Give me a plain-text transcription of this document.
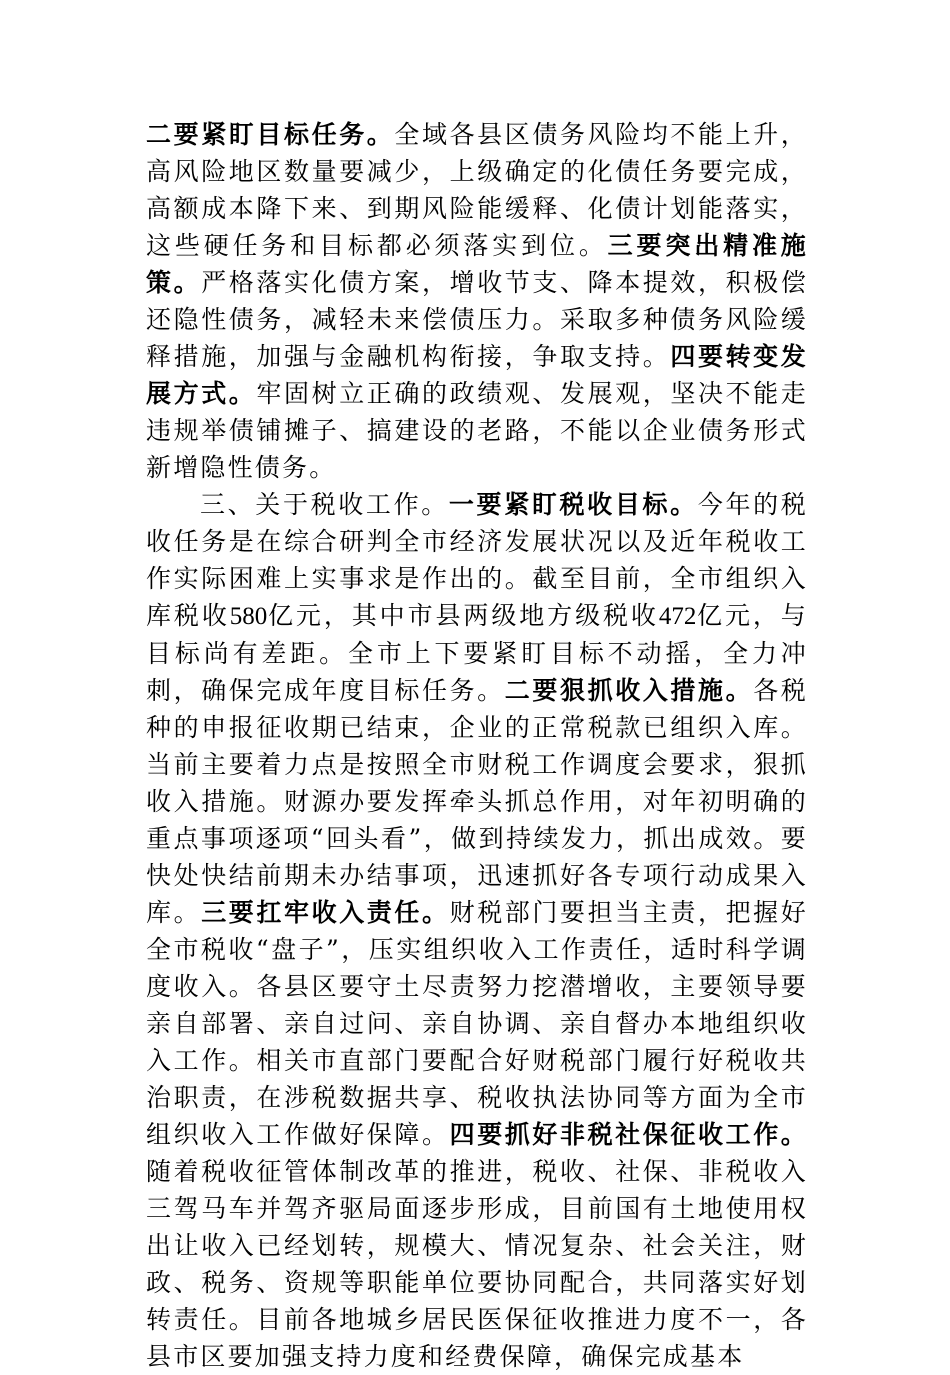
二要紧盯目标任务。全域各县区债务风险均不能上升，高风险地区数量要减少，上级确定的化债任务要完成，高额成本降下来、到期风险能缓释、化债计划能落实，这些硬任务和目标都必须落实到位。三要突出精准施策。严格落实化债方案，增收节支、降本提效，积极偿还隐性债务，减轻未来偿债压力。采取多种债务风险缓释措施，加强与金融机构衔接，争取支持。四要转变发展方式。牢固树立正确的政绩观、发展观，坚决不能走违规举债铺摊子、搞建设的老路，不能以企业债务形式新增隐性债务。

三、关于税收工作。一要紧盯税收目标。今年的税收任务是在综合研判全市经济发展状况以及近年税收工作实际困难上实事求是作出的。截至目前，全市组织入库税收580亿元，其中市县两级地方级税收472亿元，与目标尚有差距。全市上下要紧盯目标不动摇，全力冲刺，确保完成年度目标任务。二要狠抓收入措施。各税种的申报征收期已结束，企业的正常税款已组织入库。当前主要着力点是按照全市财税工作调度会要求，狠抓收入措施。财源办要发挥牵头抓总作用，对年初明确的重点事项逐项“回头看”，做到持续发力，抓出成效。要快处快结前期未办结事项，迅速抓好各专项行动成果入库。三要扛牢收入责任。财税部门要担当主责，把握好全市税收“盘子”，压实组织收入工作责任，适时科学调度收入。各县区要守土尽责努力挖潜增收，主要领导要亲自部署、亲自过问、亲自协调、亲自督办本地组织收入工作。相关市直部门要配合好财税部门履行好税收共治职责，在涉税数据共享、税收执法协同等方面为全市组织收入工作做好保障。四要抓好非税社保征收工作。随着税收征管体制改革的推进，税收、社保、非税收入三驾马车并驾齐驱局面逐步形成，目前国有土地使用权出让收入已经划转，规模大、情况复杂、社会关注，财政、税务、资规等职能单位要协同配合，共同落实好划转责任。目前各地城乡居民医保征收推进力度不一，各县市区要加强支持力度和经费保障，确保完成基本
